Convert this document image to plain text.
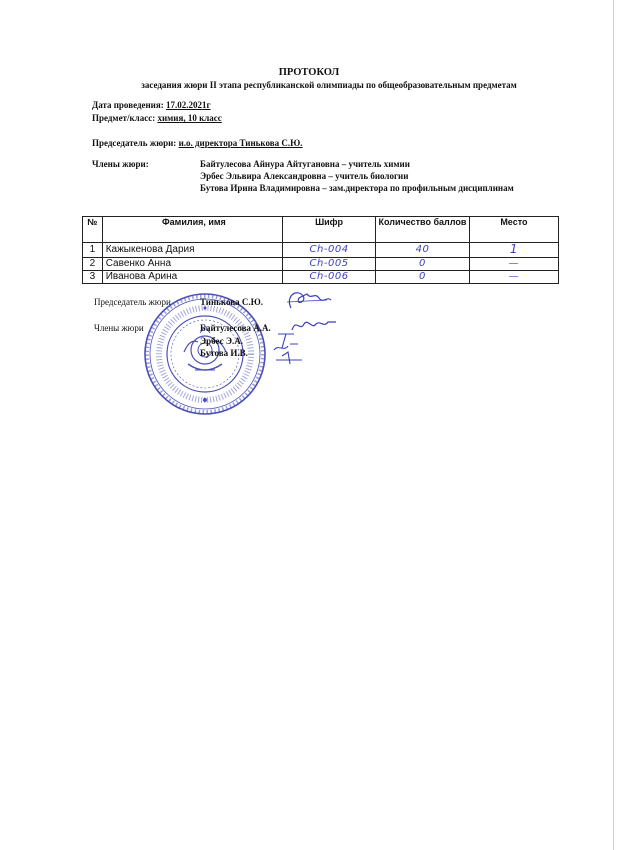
ПРОТОКОЛ
заседания жюри II этапа республиканской олимпиады по общеобразовательным предметам
Дата проведения: 17.02.2021г
Предмет/класс: химия, 10 класс
Председатель жюри: и.о. директора Тинькова С.Ю.
Члены жюри:	Байтулесова Айнура Айтугановна – учитель химии
Эрбес Эльвира Александровна – учитель биологии
Бутова Ирина Владимировна – зам.директора по профильным дисциплинам
№	Фамилия, имя	Шифр	Количество баллов	Место
1	Кажыкенова Дария	Ch-004	40	1
2	Савенко Анна	Ch-005	0	—
3	Иванова Арина	Ch-006	0	—
Председатель жюри	Тинькова С.Ю.
Члены жюри	Байтулесова А.А.
Эрбес Э.А.
Бутова И.В.
